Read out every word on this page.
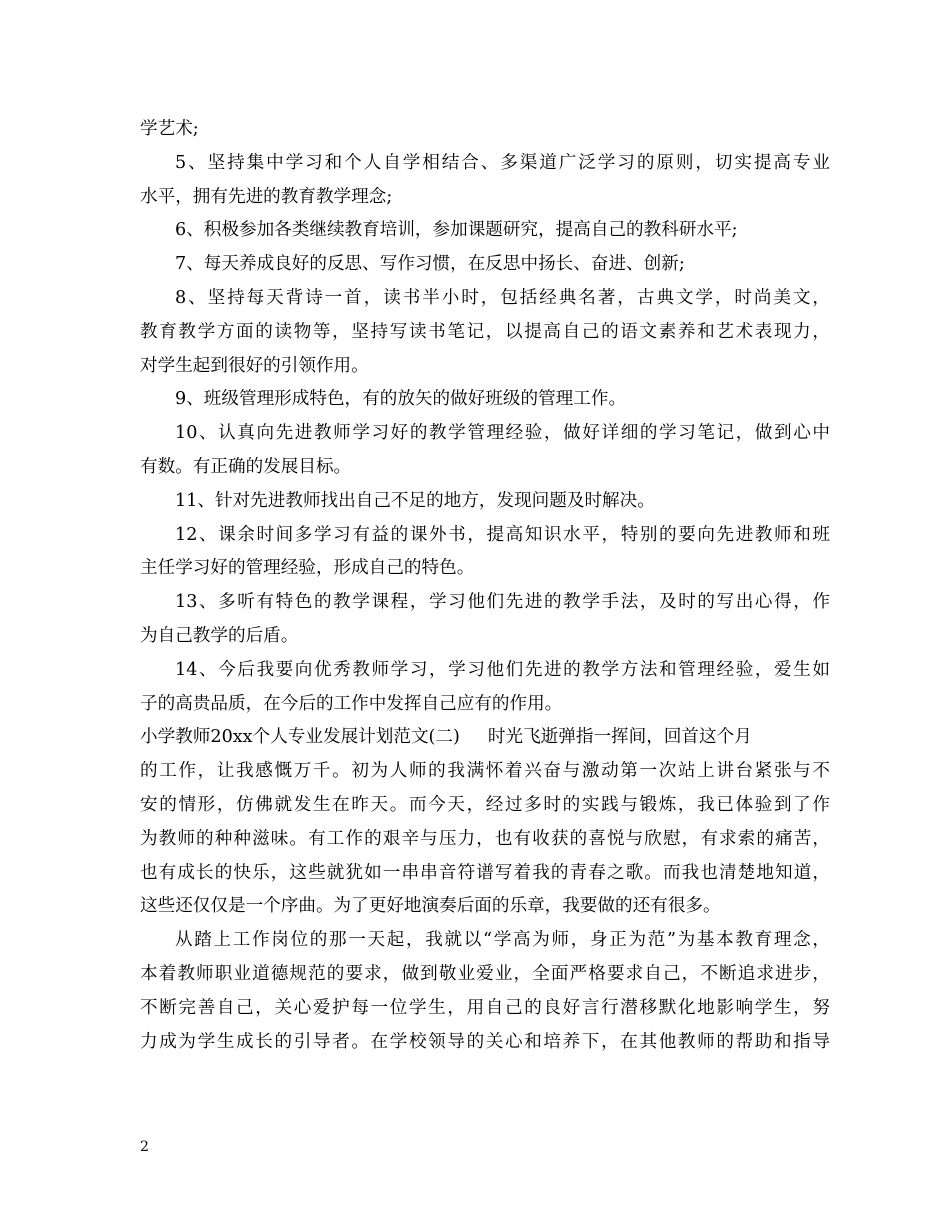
学艺术;
5、坚持集中学习和个人自学相结合、多渠道广泛学习的原则，切实提高专业
水平，拥有先进的教育教学理念;
6、积极参加各类继续教育培训，参加课题研究，提高自己的教科研水平;
7、每天养成良好的反思、写作习惯，在反思中扬长、奋进、创新;
8、坚持每天背诗一首，读书半小时，包括经典名著，古典文学，时尚美文，
教育教学方面的读物等，坚持写读书笔记，以提高自己的语文素养和艺术表现力，
对学生起到很好的引领作用。
9、班级管理形成特色，有的放矢的做好班级的管理工作。
10、认真向先进教师学习好的教学管理经验，做好详细的学习笔记，做到心中
有数。有正确的发展目标。
11、针对先进教师找出自己不足的地方，发现问题及时解决。
12、课余时间多学习有益的课外书，提高知识水平，特别的要向先进教师和班
主任学习好的管理经验，形成自己的特色。
13、多听有特色的教学课程，学习他们先进的教学手法，及时的写出心得，作
为自己教学的后盾。
14、今后我要向优秀教师学习，学习他们先进的教学方法和管理经验，爱生如
子的高贵品质，在今后的工作中发挥自己应有的作用。
小学教师20xx个人专业发展计划范文(二) 时光飞逝弹指一挥间，回首这个月
的工作，让我感慨万千。初为人师的我满怀着兴奋与激动第一次站上讲台紧张与不
安的情形，仿佛就发生在昨天。而今天，经过多时的实践与锻炼，我已体验到了作
为教师的种种滋味。有工作的艰辛与压力，也有收获的喜悦与欣慰，有求索的痛苦，
也有成长的快乐，这些就犹如一串串音符谱写着我的青春之歌。而我也清楚地知道，
这些还仅仅是一个序曲。为了更好地演奏后面的乐章，我要做的还有很多。
从踏上工作岗位的那一天起，我就以“学高为师，身正为范”为基本教育理念，
本着教师职业道德规范的要求，做到敬业爱业，全面严格要求自己，不断追求进步，
不断完善自己，关心爱护每一位学生，用自己的良好言行潜移默化地影响学生，努
力成为学生成长的引导者。在学校领导的关心和培养下，在其他教师的帮助和指导
2
